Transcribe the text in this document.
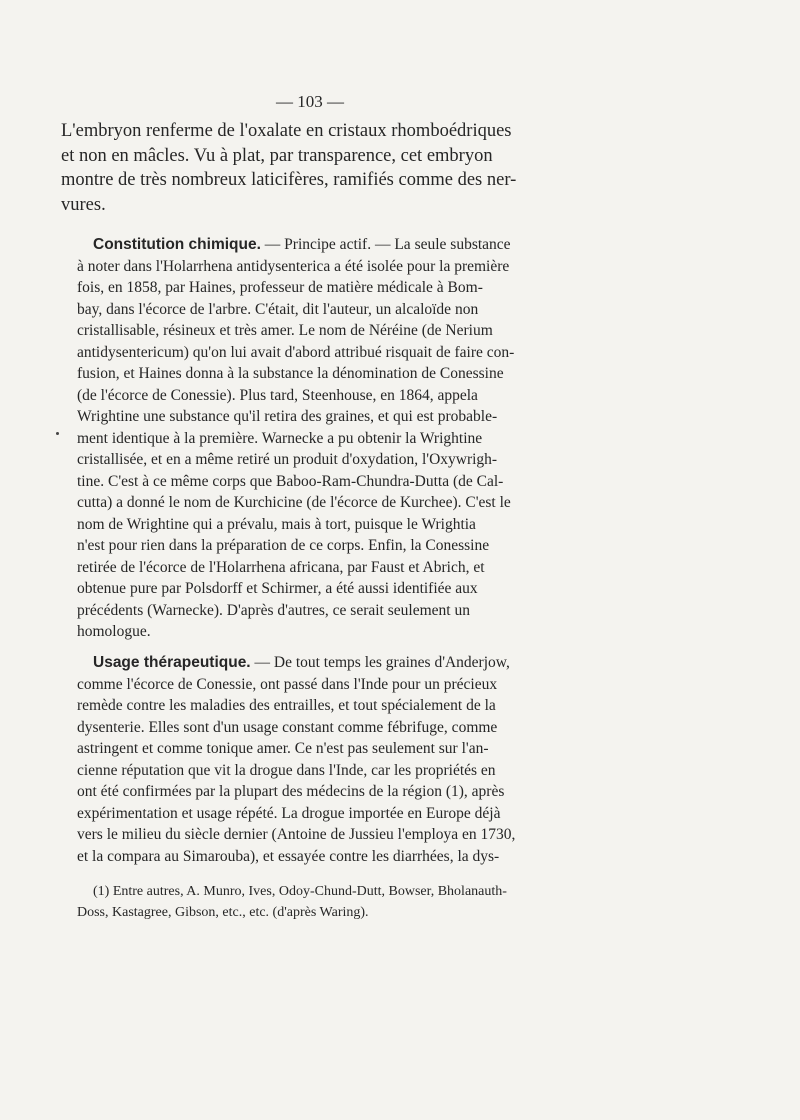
— 103 —
L'embryon renferme de l'oxalate en cristaux rhomboédriques
et non en mâcles. Vu à plat, par transparence, cet embryon
montre de très nombreux laticifères, ramifiés comme des ner-
vures.
Constitution chimique. — Principe actif. — La seule substance
à noter dans l'Holarrhena antidysenterica a été isolée pour la première
fois, en 1858, par Haines, professeur de matière médicale à Bom-
bay, dans l'écorce de l'arbre. C'était, dit l'auteur, un alcaloïde non
cristallisable, résineux et très amer. Le nom de Néréine (de Nerium
antidysentericum) qu'on lui avait d'abord attribué risquait de faire con-
fusion, et Haines donna à la substance la dénomination de Conessine
(de l'écorce de Conessie). Plus tard, Steenhouse, en 1864, appela
Wrightine une substance qu'il retira des graines, et qui est probable-
ment identique à la première. Warnecke a pu obtenir la Wrightine
cristallisée, et en a même retiré un produit d'oxydation, l'Oxywrigh-
tine. C'est à ce même corps que Baboo-Ram-Chundra-Dutta (de Cal-
cutta) a donné le nom de Kurchicine (de l'écorce de Kurchee). C'est le
nom de Wrightine qui a prévalu, mais à tort, puisque le Wrightia
n'est pour rien dans la préparation de ce corps. Enfin, la Conessine
retirée de l'écorce de l'Holarrhena africana, par Faust et Abrich, et
obtenue pure par Polsdorff et Schirmer, a été aussi identifiée aux
précédents (Warnecke). D'après d'autres, ce serait seulement un
homologue.
Usage thérapeutique. — De tout temps les graines d'Anderjow,
comme l'écorce de Conessie, ont passé dans l'Inde pour un précieux
remède contre les maladies des entrailles, et tout spécialement de la
dysenterie. Elles sont d'un usage constant comme fébrifuge, comme
astringent et comme tonique amer. Ce n'est pas seulement sur l'an-
cienne réputation que vit la drogue dans l'Inde, car les propriétés en
ont été confirmées par la plupart des médecins de la région (1), après
expérimentation et usage répété. La drogue importée en Europe déjà
vers le milieu du siècle dernier (Antoine de Jussieu l'employa en 1730,
et la compara au Simarouba), et essayée contre les diarrhées, la dys-
(1) Entre autres, A. Munro, Ives, Odoy-Chund-Dutt, Bowser, Bholanauth-
Doss, Kastagree, Gibson, etc., etc. (d'après Waring).
